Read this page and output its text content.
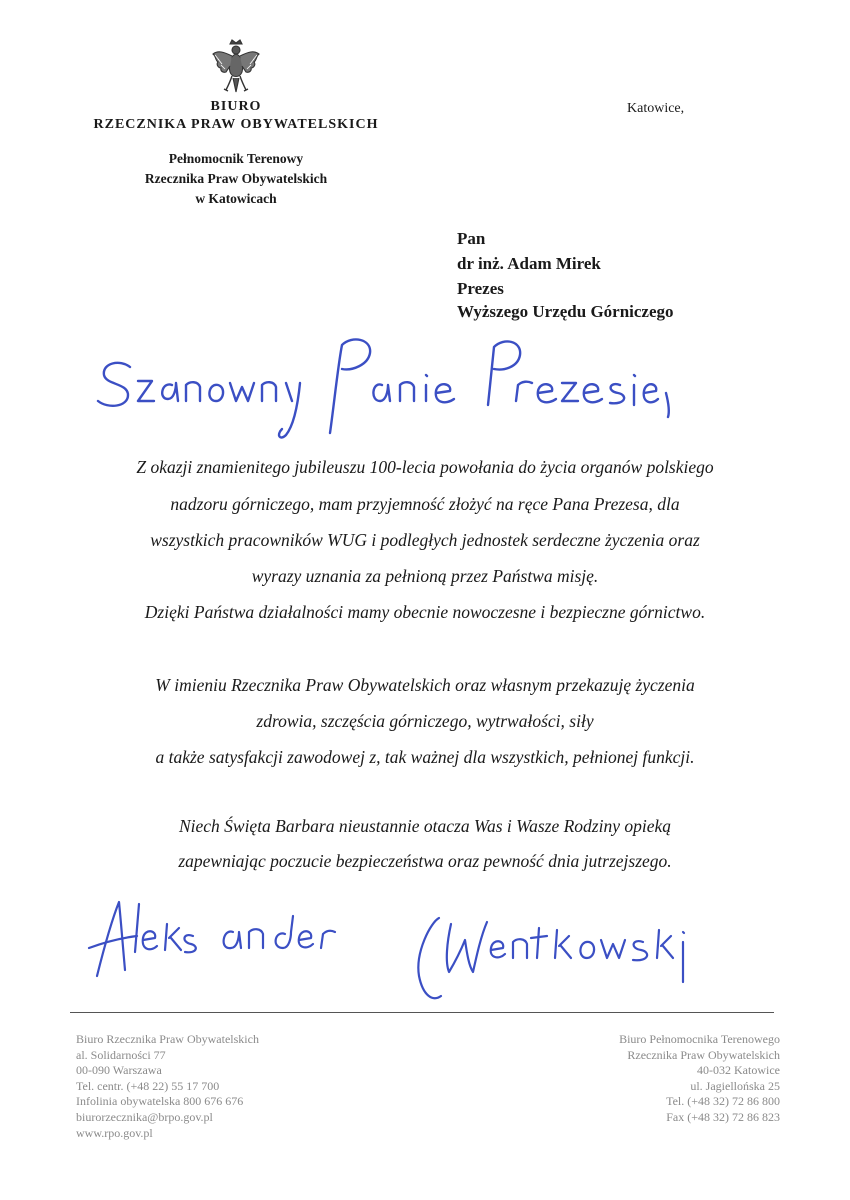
BIURO
RZECZNIKA PRAW OBYWATELSKICH
Pełnomocnik Terenowy
Rzecznika Praw Obywatelskich
w Katowicach
Katowice,
Pan
dr inż. Adam Mirek
Prezes
Wyższego Urzędu Górniczego
Z okazji znamienitego jubileuszu 100-lecia powołania do życia organów polskiego
nadzoru górniczego, mam przyjemność złożyć na ręce Pana Prezesa, dla
wszystkich pracowników WUG i podległych jednostek serdeczne życzenia oraz
wyrazy uznania za pełnioną przez Państwa misję.
Dzięki Państwa działalności mamy obecnie nowoczesne i bezpieczne górnictwo.
W imieniu Rzecznika Praw Obywatelskich oraz własnym przekazuję życzenia
zdrowia, szczęścia górniczego, wytrwałości, siły
a także satysfakcji zawodowej z, tak ważnej dla wszystkich, pełnionej funkcji.
Niech Święta Barbara nieustannie otacza Was i Wasze Rodziny opieką
zapewniając poczucie bezpieczeństwa oraz pewność dnia jutrzejszego.
Biuro Rzecznika Praw Obywatelskich
al. Solidarności 77
00-090 Warszawa
Tel. centr. (+48 22) 55 17 700
Infolinia obywatelska 800 676 676
biurorzecznika@brpo.gov.pl
www.rpo.gov.pl
Biuro Pełnomocnika Terenowego
Rzecznika Praw Obywatelskich
40-032 Katowice
ul. Jagiellońska 25
Tel. (+48 32) 72 86 800
Fax (+48 32) 72 86 823
